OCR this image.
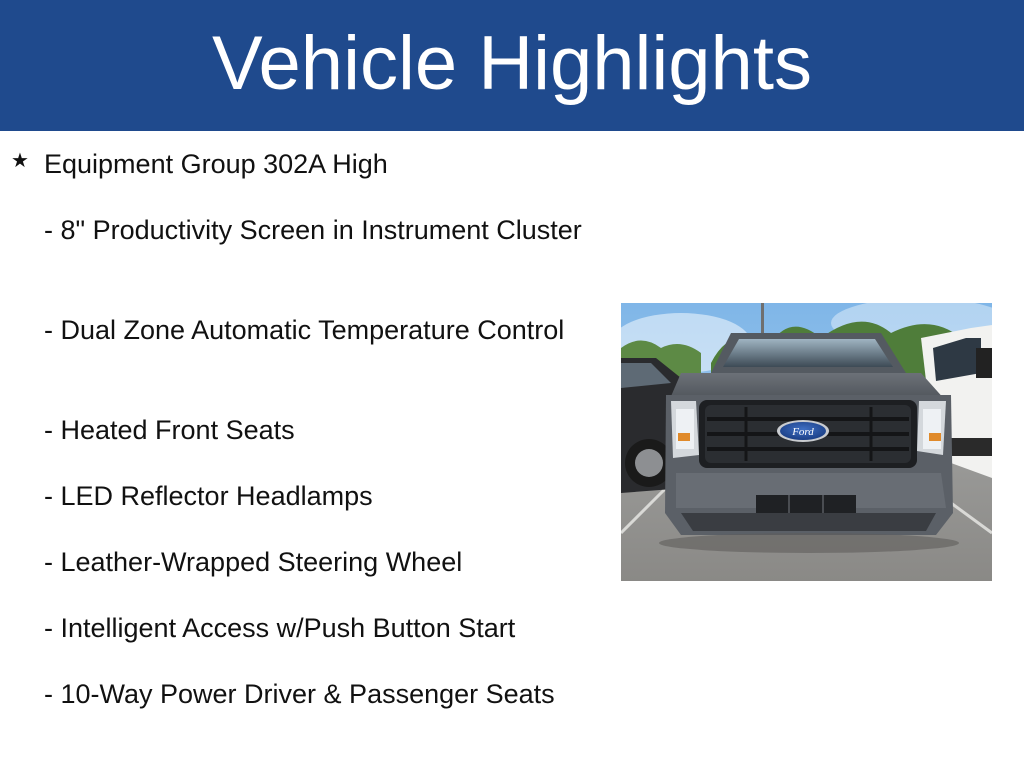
Vehicle Highlights
★ Equipment Group 302A High
- 8" Productivity Screen in Instrument Cluster
- Dual Zone Automatic Temperature Control
- Heated Front Seats
- LED Reflector Headlamps
- Leather-Wrapped Steering Wheel
- Intelligent Access w/Push Button Start
- 10-Way Power Driver & Passenger Seats
Ford
